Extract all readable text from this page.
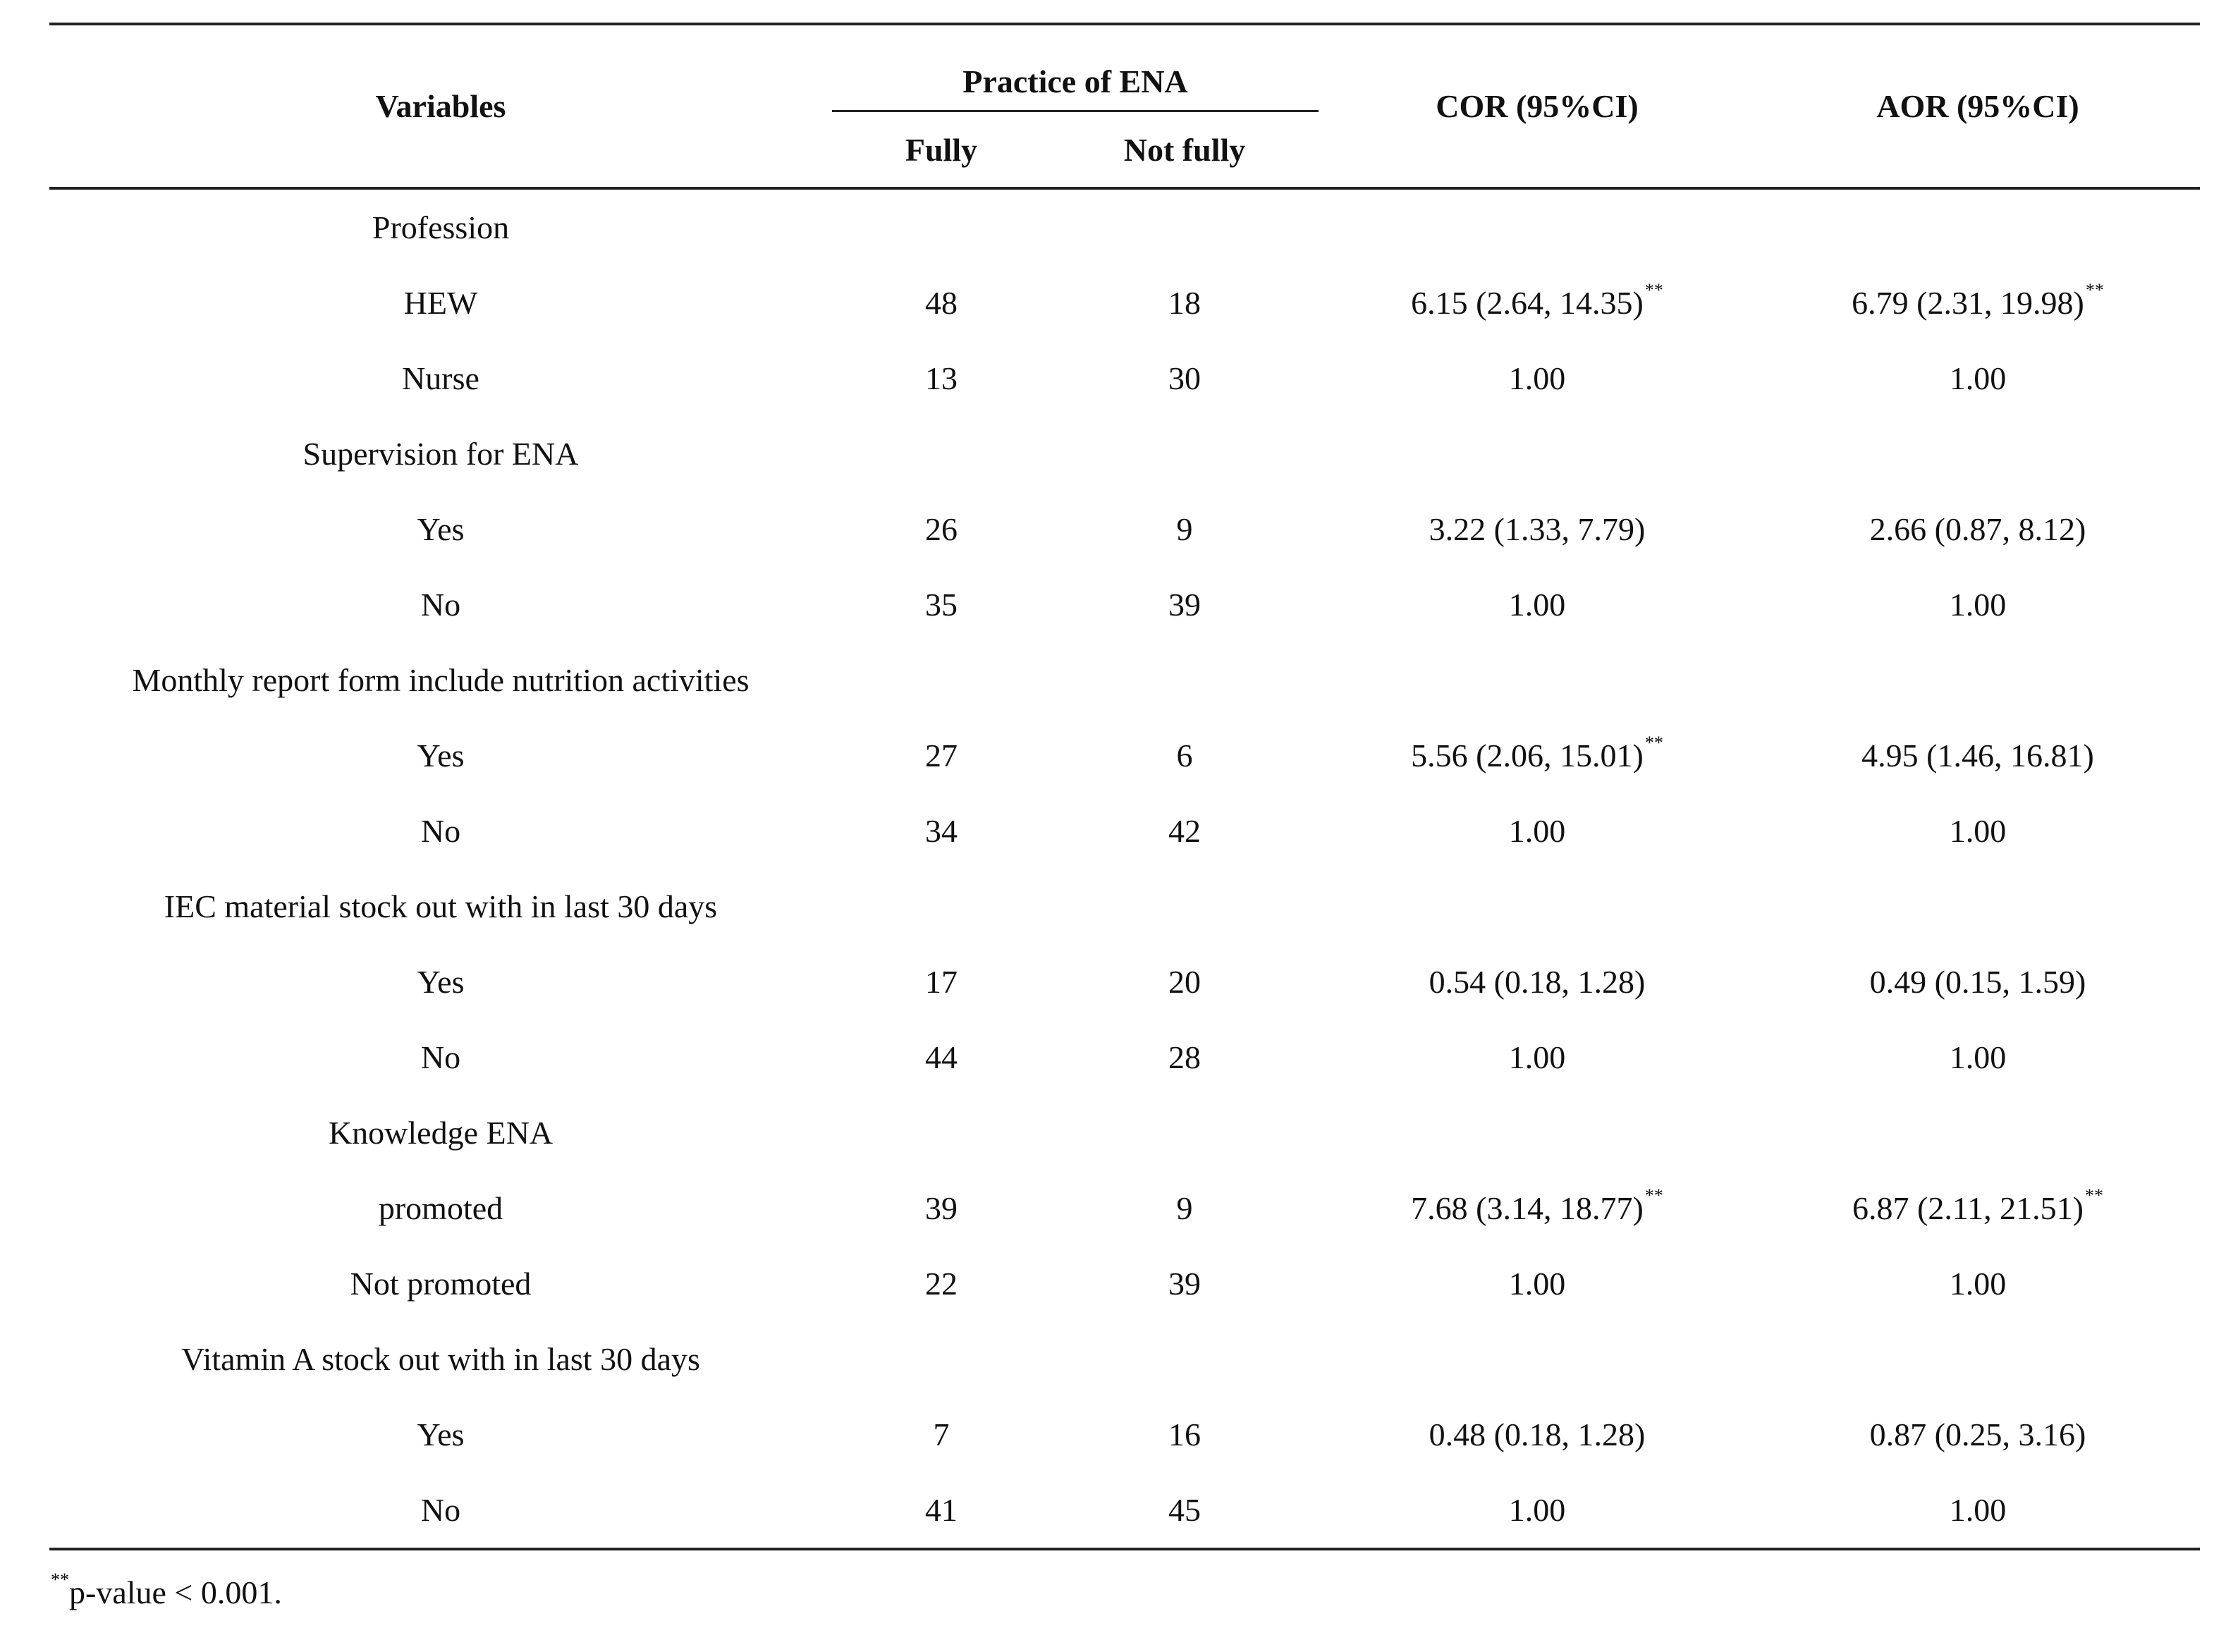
Variables	Practice of ENA		COR (95%CI)	AOR (95%CI)
	Fully	Not fully		
Profession				
HEW	48	18	6.15 (2.64, 14.35)**	6.79 (2.31, 19.98)**
Nurse	13	30	1.00	1.00
Supervision for ENA				
Yes	26	9	3.22 (1.33, 7.79)	2.66 (0.87, 8.12)
No	35	39	1.00	1.00
Monthly report form include nutrition activities				
Yes	27	6	5.56 (2.06, 15.01)**	4.95 (1.46, 16.81)
No	34	42	1.00	1.00
IEC material stock out with in last 30 days				
Yes	17	20	0.54 (0.18, 1.28)	0.49 (0.15, 1.59)
No	44	28	1.00	1.00
Knowledge ENA				
promoted	39	9	7.68 (3.14, 18.77)**	6.87 (2.11, 21.51)**
Not promoted	22	39	1.00	1.00
Vitamin A stock out with in last 30 days				
Yes	7	16	0.48 (0.18, 1.28)	0.87 (0.25, 3.16)
No	41	45	1.00	1.00
**p-value < 0.001.
